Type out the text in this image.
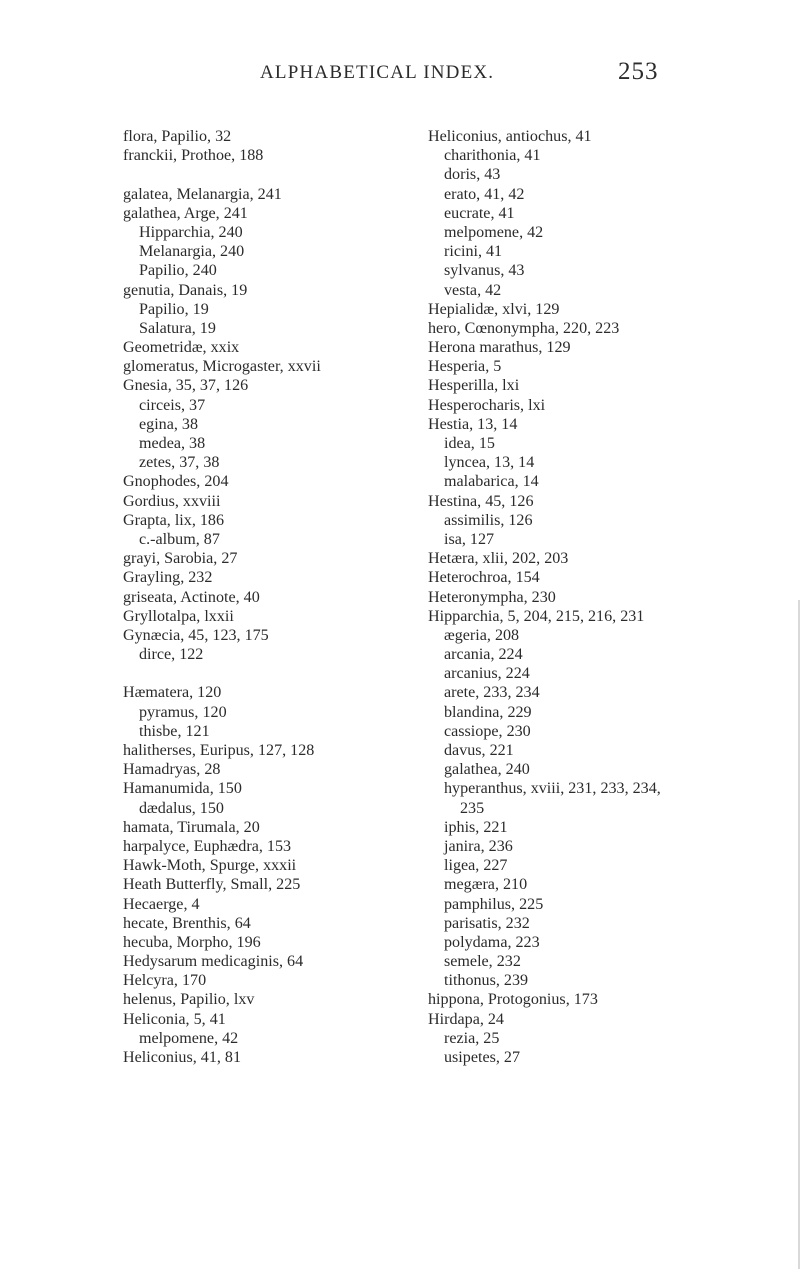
ALPHABETICAL INDEX.	253
flora, Papilio, 32
franckii, Prothoe, 188
galatea, Melanargia, 241
galathea, Arge, 241
Hipparchia, 240
Melanargia, 240
Papilio, 240
genutia, Danais, 19
Papilio, 19
Salatura, 19
Geometridæ, xxix
glomeratus, Microgaster, xxvii
Gnesia, 35, 37, 126
circeis, 37
egina, 38
medea, 38
zetes, 37, 38
Gnophodes, 204
Gordius, xxviii
Grapta, lix, 186
c.-album, 87
grayi, Sarobia, 27
Grayling, 232
griseata, Actinote, 40
Gryllotalpa, lxxii
Gynæcia, 45, 123, 175
dirce, 122
Hæmatera, 120
pyramus, 120
thisbe, 121
halitherses, Euripus, 127, 128
Hamadryas, 28
Hamanumida, 150
dædalus, 150
hamata, Tirumala, 20
harpalyce, Euphædra, 153
Hawk-Moth, Spurge, xxxii
Heath Butterfly, Small, 225
Hecaerge, 4
hecate, Brenthis, 64
hecuba, Morpho, 196
Hedysarum medicaginis, 64
Helcyra, 170
helenus, Papilio, lxv
Heliconia, 5, 41
melpomene, 42
Heliconius, 41, 81
Heliconius, antiochus, 41
charithonia, 41
doris, 43
erato, 41, 42
eucrate, 41
melpomene, 42
ricini, 41
sylvanus, 43
vesta, 42
Hepialidæ, xlvi, 129
hero, Cœnonympha, 220, 223
Herona marathus, 129
Hesperia, 5
Hesperilla, lxi
Hesperocharis, lxi
Hestia, 13, 14
idea, 15
lyncea, 13, 14
malabarica, 14
Hestina, 45, 126
assimilis, 126
isa, 127
Hetæra, xlii, 202, 203
Heterochroa, 154
Heteronympha, 230
Hipparchia, 5, 204, 215, 216, 231
ægeria, 208
arcania, 224
arcanius, 224
arete, 233, 234
blandina, 229
cassiope, 230
davus, 221
galathea, 240
hyperanthus, xviii, 231, 233, 234,
235
iphis, 221
janira, 236
ligea, 227
megæra, 210
pamphilus, 225
parisatis, 232
polydama, 223
semele, 232
tithonus, 239
hippona, Protogonius, 173
Hirdapa, 24
rezia, 25
usipetes, 27
